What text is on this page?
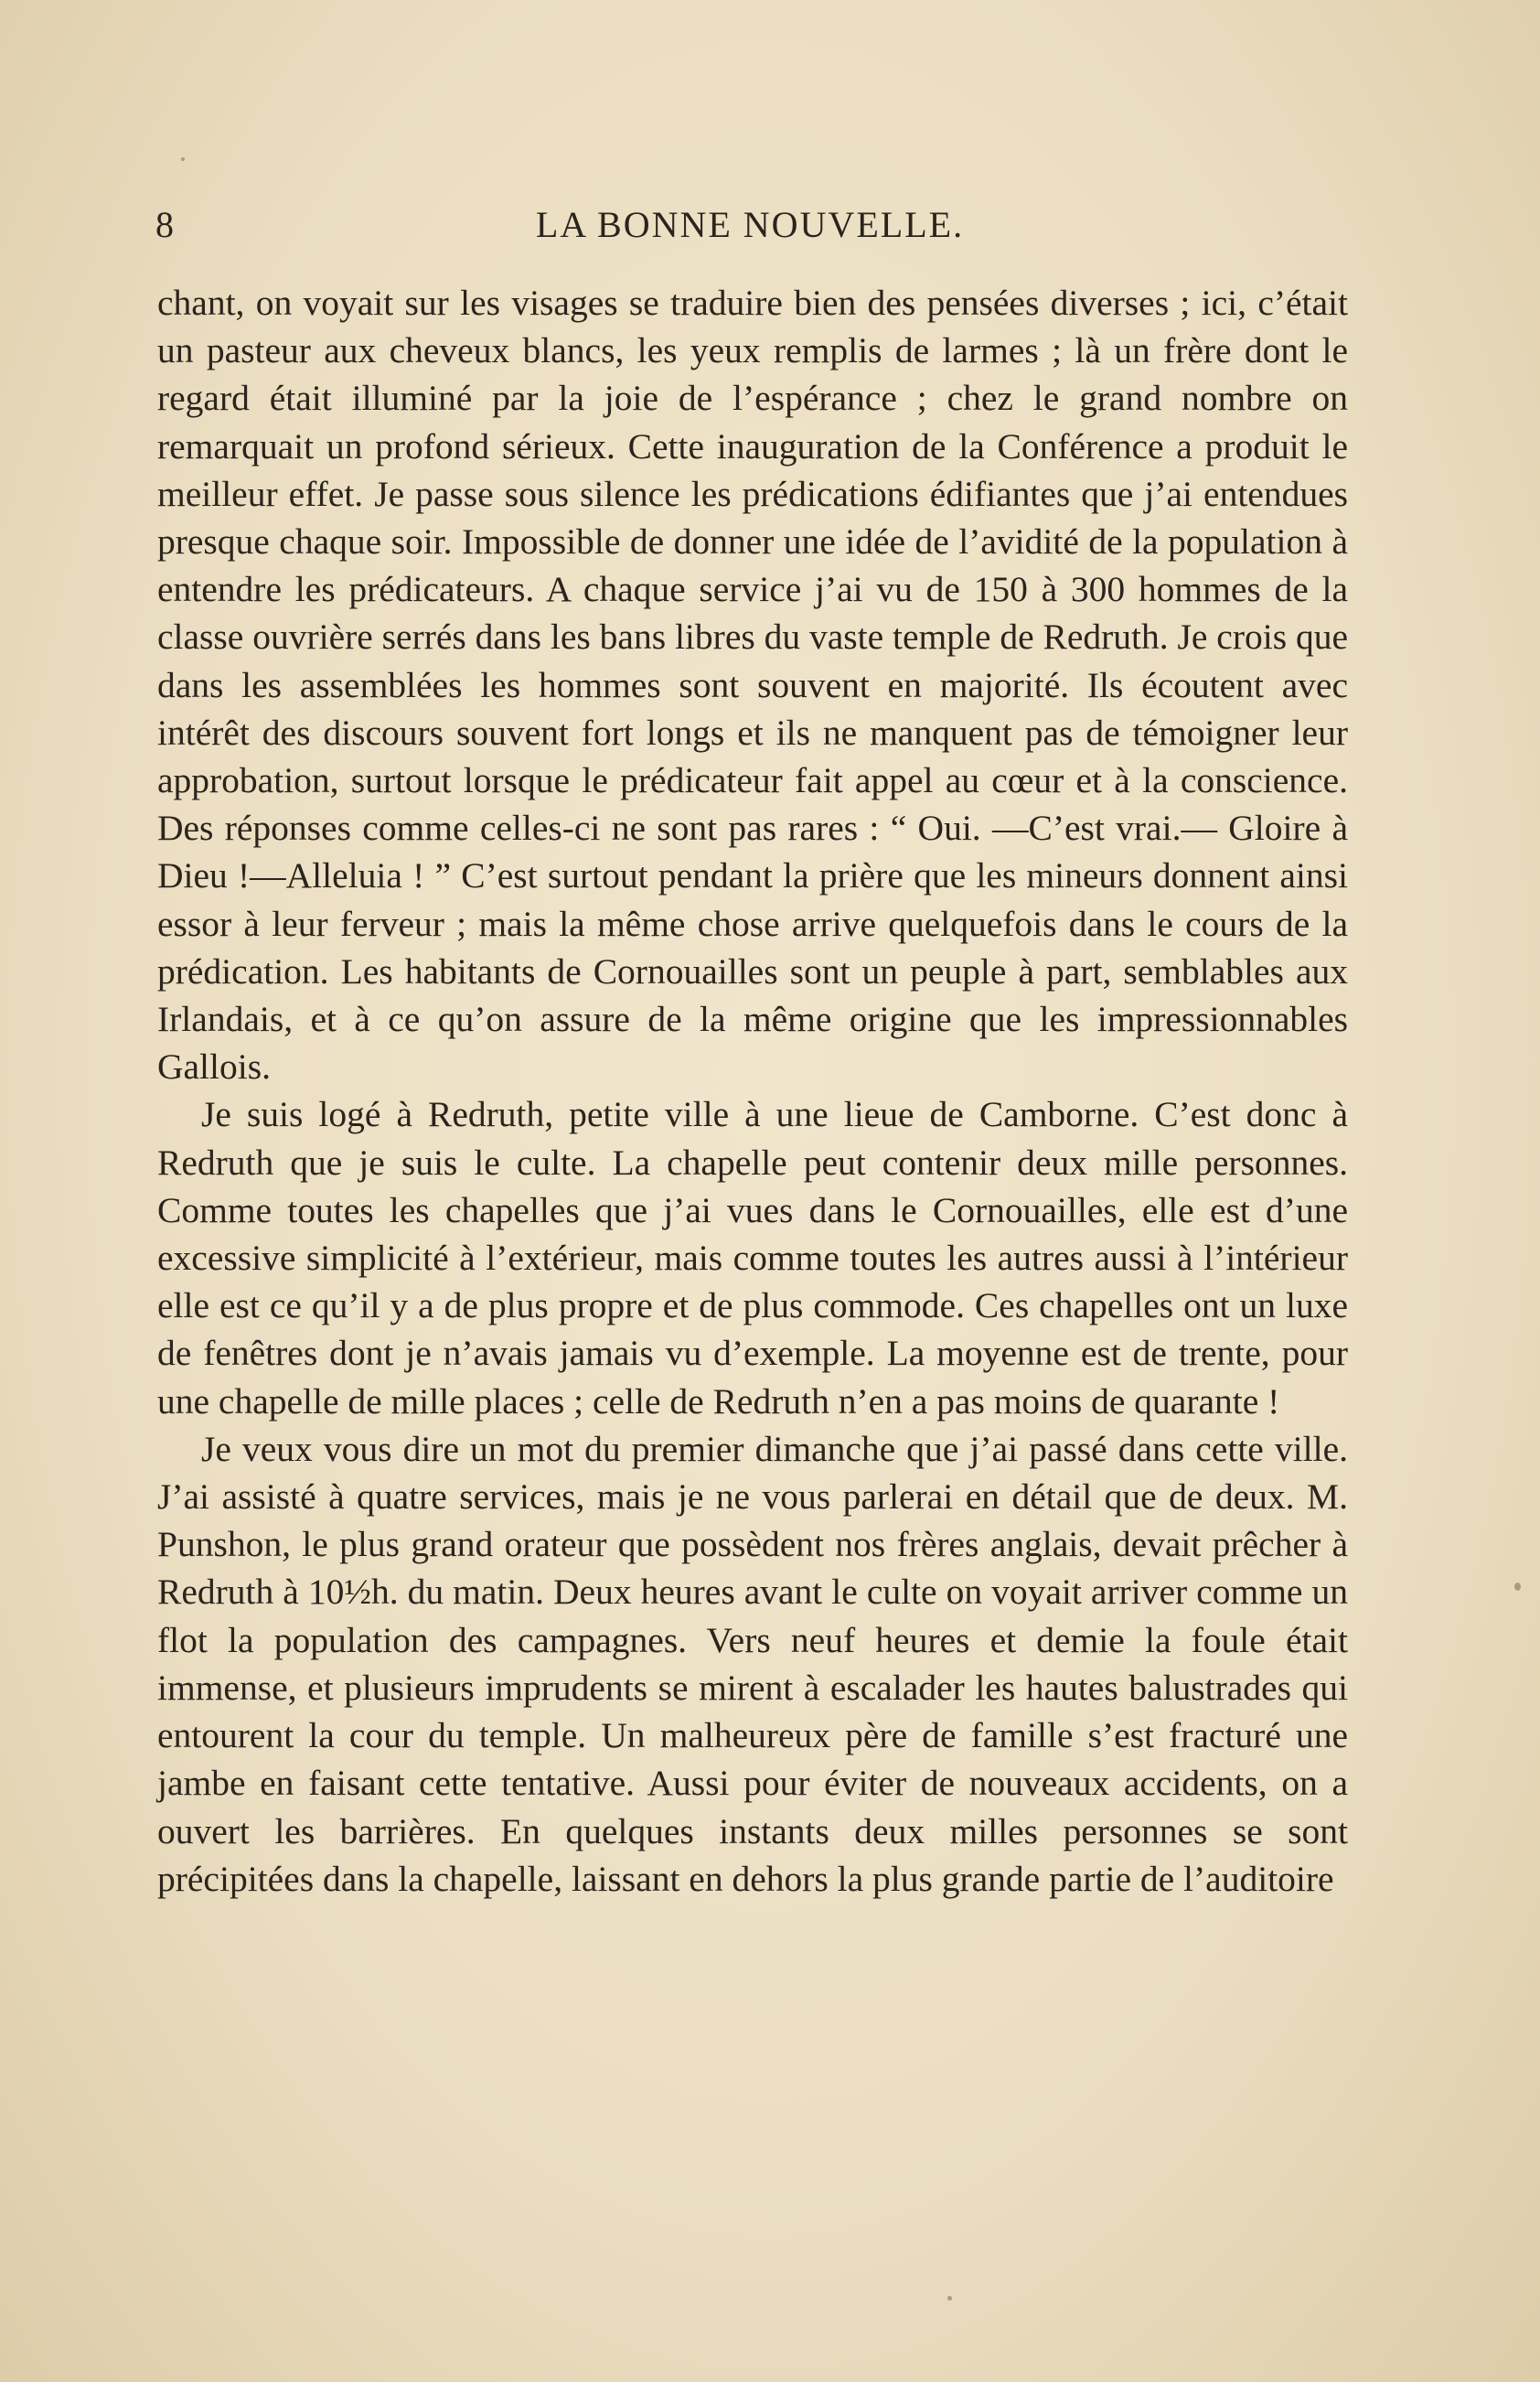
8	LA BONNE NOUVELLE.

chant, on voyait sur les visages se traduire bien des pensées diverses ; ici, c’était un pasteur aux cheveux blancs, les yeux remplis de larmes ; là un frère dont le regard était illuminé par la joie de l’espérance ; chez le grand nombre on remarquait un profond sérieux. Cette inauguration de la Conférence a produit le meilleur effet. Je passe sous silence les prédications édifiantes que j’ai entendues presque chaque soir. Impossible de donner une idée de l’avidité de la population à entendre les prédicateurs. A chaque service j’ai vu de 150 à 300 hommes de la classe ouvrière serrés dans les bans libres du vaste temple de Redruth. Je crois que dans les assemblées les hommes sont souvent en majorité. Ils écoutent avec intérêt des discours souvent fort longs et ils ne manquent pas de témoigner leur approbation, surtout lorsque le prédicateur fait appel au cœur et à la conscience. Des réponses comme celles-ci ne sont pas rares : “ Oui. —C’est vrai.— Gloire à Dieu !—Alleluia ! ” C’est surtout pendant la prière que les mineurs donnent ainsi essor à leur ferveur ; mais la même chose arrive quelquefois dans le cours de la prédication. Les habitants de Cornouailles sont un peuple à part, semblables aux Irlandais, et à ce qu’on assure de la même origine que les impressionnables Gallois.

Je suis logé à Redruth, petite ville à une lieue de Camborne. C’est donc à Redruth que je suis le culte. La chapelle peut contenir deux mille personnes. Comme toutes les chapelles que j’ai vues dans le Cornouailles, elle est d’une excessive simplicité à l’extérieur, mais comme toutes les autres aussi à l’intérieur elle est ce qu’il y a de plus propre et de plus commode. Ces chapelles ont un luxe de fenêtres dont je n’avais jamais vu d’exemple. La moyenne est de trente, pour une chapelle de mille places ; celle de Redruth n’en a pas moins de quarante !

Je veux vous dire un mot du premier dimanche que j’ai passé dans cette ville. J’ai assisté à quatre services, mais je ne vous parlerai en détail que de deux. M. Punshon, le plus grand orateur que possèdent nos frères anglais, devait prêcher à Redruth à 10½h. du matin. Deux heures avant le culte on voyait arriver comme un flot la population des campagnes. Vers neuf heures et demie la foule était immense, et plusieurs imprudents se mirent à escalader les hautes balustrades qui entourent la cour du temple. Un malheureux père de famille s’est fracturé une jambe en faisant cette tentative. Aussi pour éviter de nouveaux accidents, on a ouvert les barrières. En quelques instants deux milles personnes se sont précipitées dans la chapelle, laissant en dehors la plus grande partie de l’auditoire
